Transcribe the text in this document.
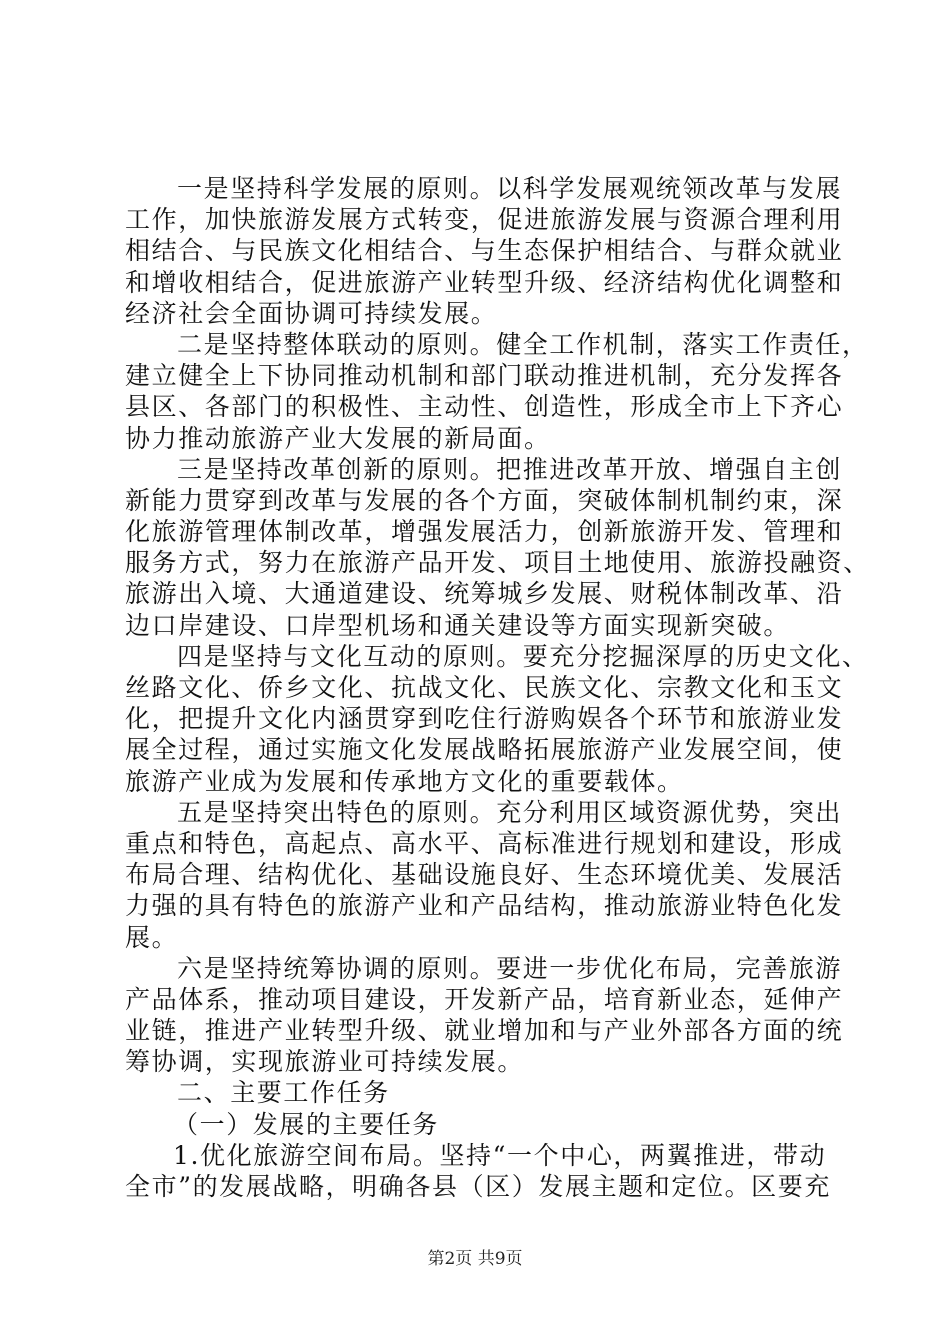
一是坚持科学发展的原则。以科学发展观统领改革与发展
工作，加快旅游发展方式转变，促进旅游发展与资源合理利用
相结合、与民族文化相结合、与生态保护相结合、与群众就业
和增收相结合，促进旅游产业转型升级、经济结构优化调整和
经济社会全面协调可持续发展。
二是坚持整体联动的原则。健全工作机制，落实工作责任，
建立健全上下协同推动机制和部门联动推进机制，充分发挥各
县区、各部门的积极性、主动性、创造性，形成全市上下齐心
协力推动旅游产业大发展的新局面。
三是坚持改革创新的原则。把推进改革开放、增强自主创
新能力贯穿到改革与发展的各个方面，突破体制机制约束，深
化旅游管理体制改革，增强发展活力，创新旅游开发、管理和
服务方式，努力在旅游产品开发、项目土地使用、旅游投融资、
旅游出入境、大通道建设、统筹城乡发展、财税体制改革、沿
边口岸建设、口岸型机场和通关建设等方面实现新突破。
四是坚持与文化互动的原则。要充分挖掘深厚的历史文化、
丝路文化、侨乡文化、抗战文化、民族文化、宗教文化和玉文
化，把提升文化内涵贯穿到吃住行游购娱各个环节和旅游业发
展全过程，通过实施文化发展战略拓展旅游产业发展空间，使
旅游产业成为发展和传承地方文化的重要载体。
五是坚持突出特色的原则。充分利用区域资源优势，突出
重点和特色，高起点、高水平、高标准进行规划和建设，形成
布局合理、结构优化、基础设施良好、生态环境优美、发展活
力强的具有特色的旅游产业和产品结构，推动旅游业特色化发
展。
六是坚持统筹协调的原则。要进一步优化布局，完善旅游
产品体系，推动项目建设，开发新产品，培育新业态，延伸产
业链，推进产业转型升级、就业增加和与产业外部各方面的统
筹协调，实现旅游业可持续发展。
二、主要工作任务
（一）发展的主要任务
1.优化旅游空间布局。坚持“一个中心，两翼推进，带动
全市”的发展战略，明确各县（区）发展主题和定位。区要充
第2页 共9页
